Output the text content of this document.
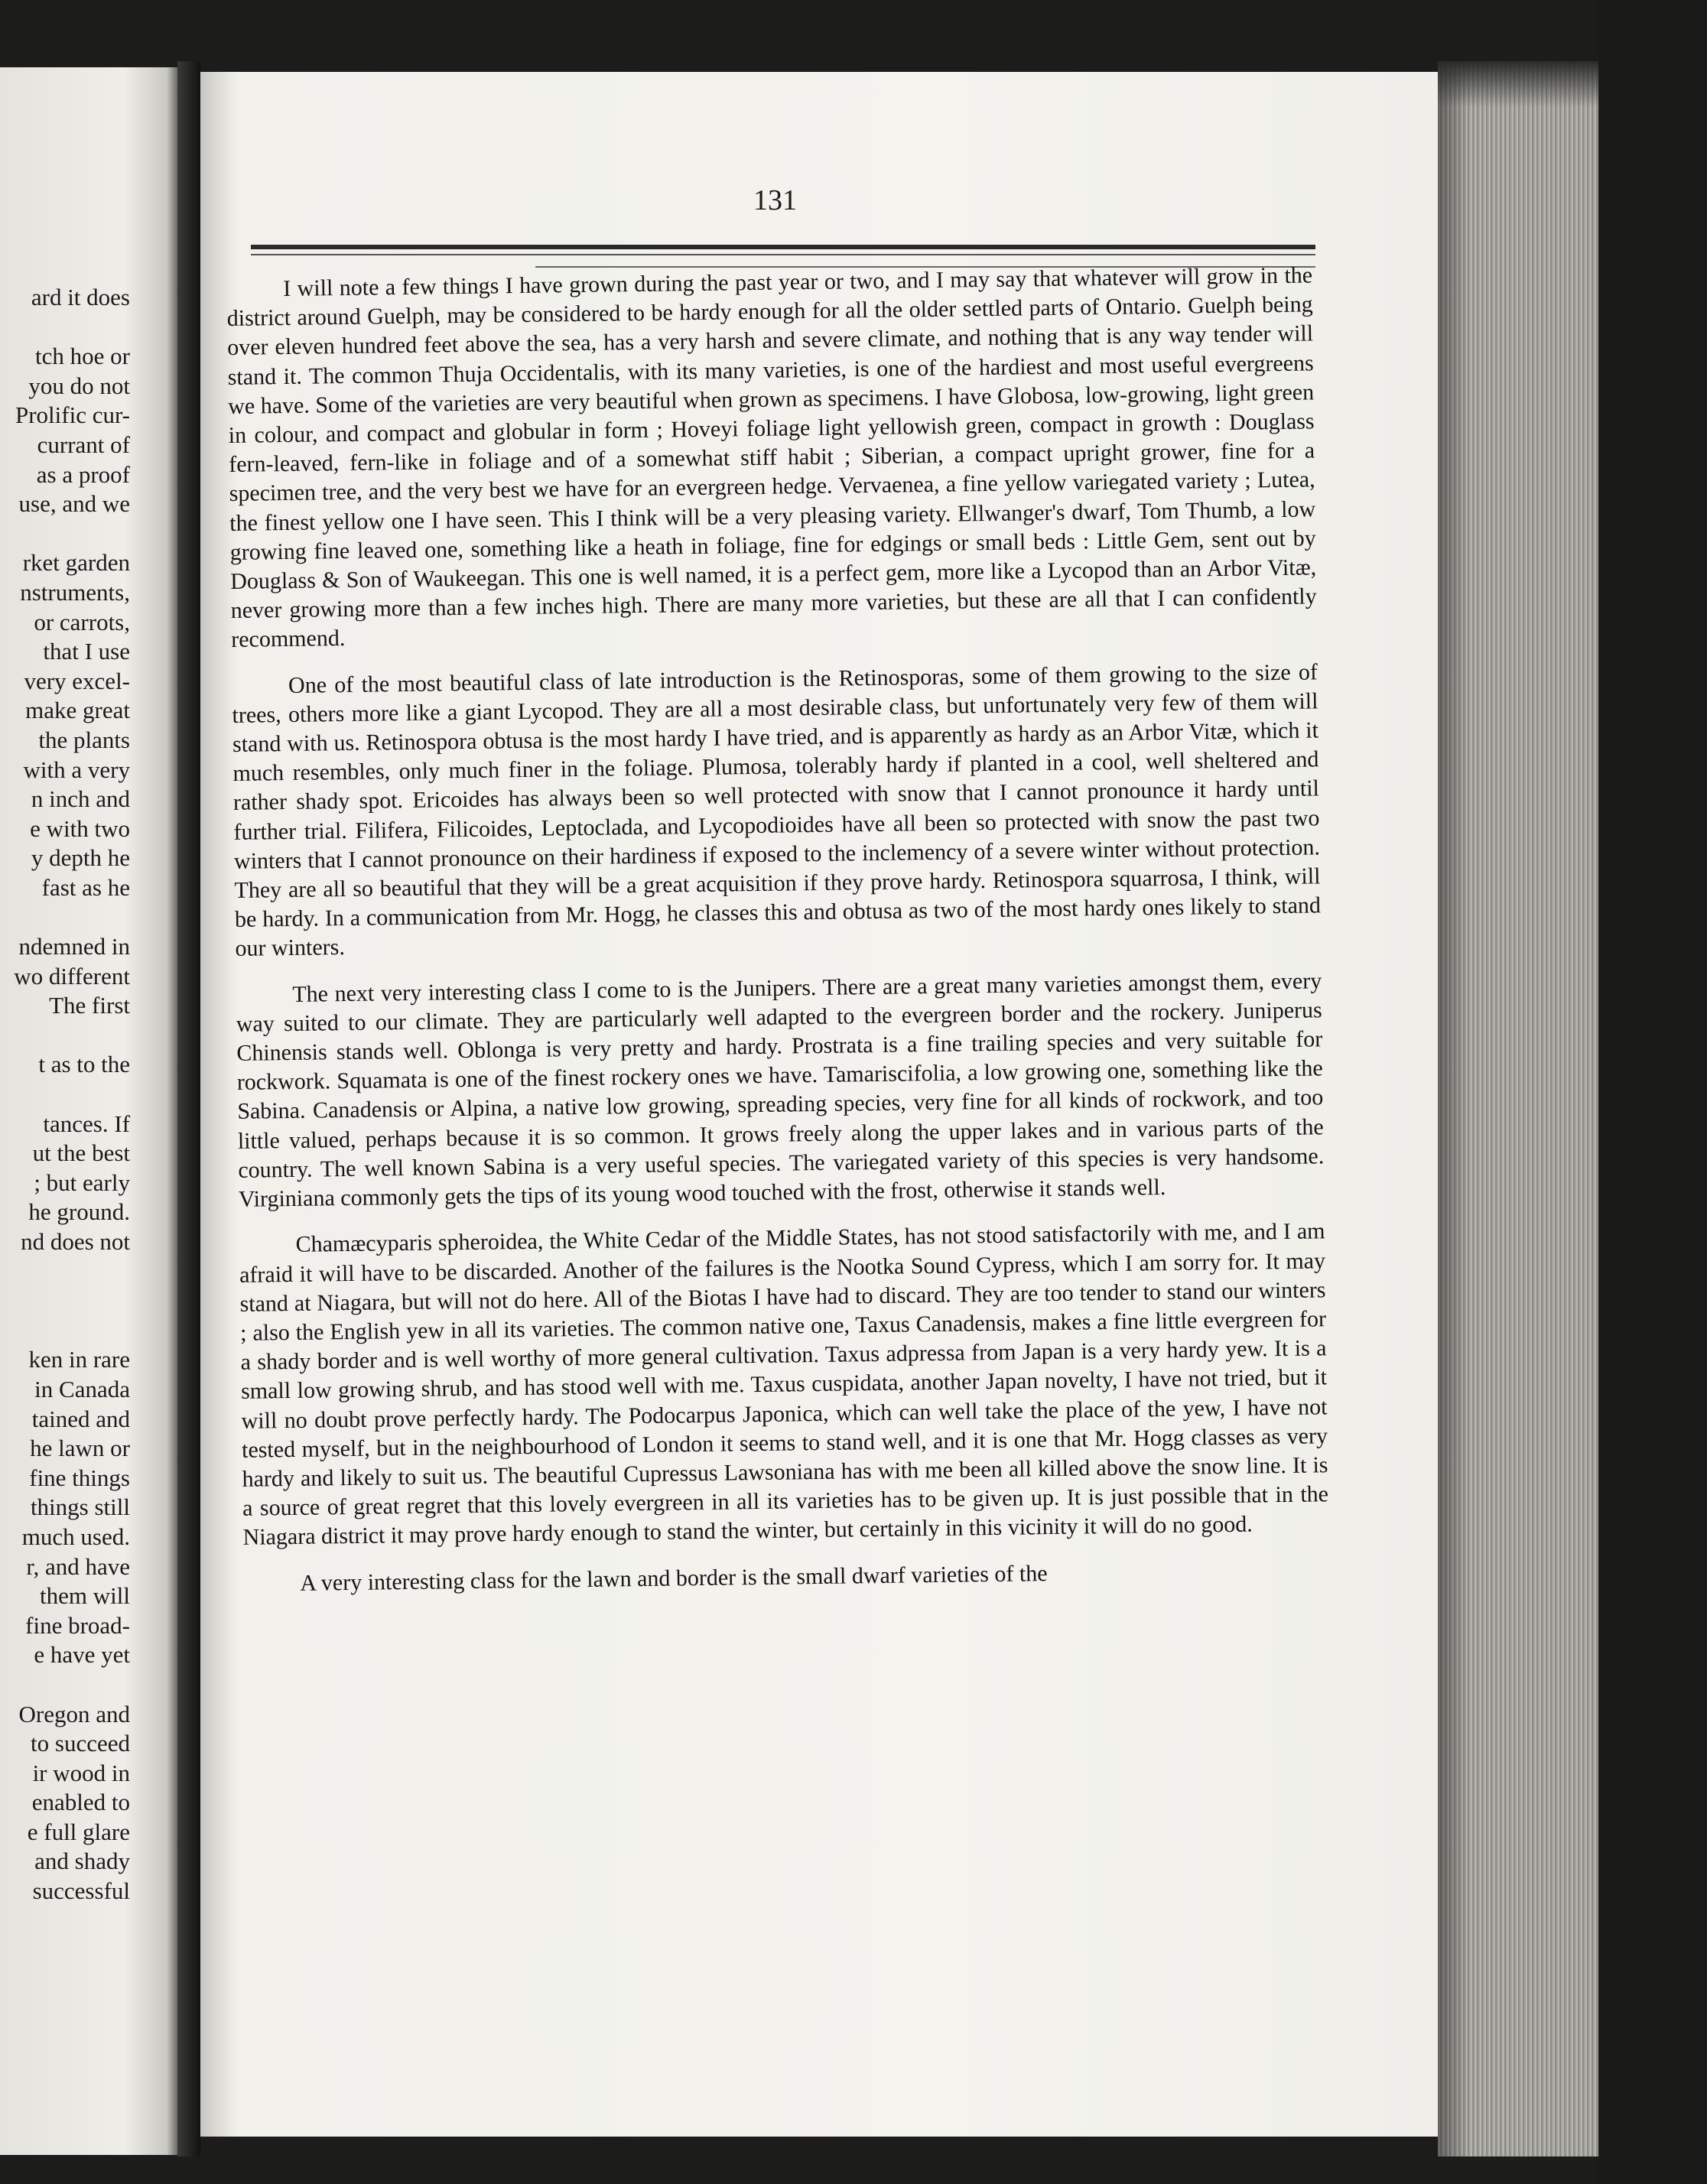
ard it does

tch hoe or
you do not
Prolific cur-
currant of
as a proof
use, and we

rket garden
nstruments,
or carrots,
that I use
very excel-
make great
the plants
with a very
n inch and
e with two
y depth he
fast as he

ndemned in
wo different
The first

t as to the

tances. If
ut the best
; but early
he ground.
nd does not

ken in rare
in Canada
tained and
he lawn or
fine things
things still
much used.
r, and have
them will
fine broad-
e have yet

Oregon and
to succeed
ir wood in
enabled to
e full glare
and shady
successful
131

I will note a few things I have grown during the past year or two, and I may say that whatever will grow in the district around Guelph, may be considered to be hardy enough for all the older settled parts of Ontario. Guelph being over eleven hundred feet above the sea, has a very harsh and severe climate, and nothing that is any way tender will stand it. The common Thuja Occidentalis, with its many varieties, is one of the hardiest and most useful evergreens we have. Some of the varieties are very beautiful when grown as specimens. I have Globosa, low-growing, light green in colour, and compact and globular in form ; Hoveyi foliage light yellowish green, compact in growth : Douglass fern-leaved, fern-like in foliage and of a somewhat stiff habit ; Siberian, a compact upright grower, fine for a specimen tree, and the very best we have for an evergreen hedge. Vervaenea, a fine yellow variegated variety ; Lutea, the finest yellow one I have seen. This I think will be a very pleasing variety. Ellwanger's dwarf, Tom Thumb, a low growing fine leaved one, something like a heath in foliage, fine for edgings or small beds : Little Gem, sent out by Douglass & Son of Waukeegan. This one is well named, it is a perfect gem, more like a Lycopod than an Arbor Vitæ, never growing more than a few inches high. There are many more varieties, but these are all that I can confidently recommend.

One of the most beautiful class of late introduction is the Retinosporas, some of them growing to the size of trees, others more like a giant Lycopod. They are all a most desirable class, but unfortunately very few of them will stand with us. Retinospora obtusa is the most hardy I have tried, and is apparently as hardy as an Arbor Vitæ, which it much resembles, only much finer in the foliage. Plumosa, tolerably hardy if planted in a cool, well sheltered and rather shady spot. Ericoides has always been so well protected with snow that I cannot pronounce it hardy until further trial. Filifera, Filicoides, Leptoclada, and Lycopodioides have all been so protected with snow the past two winters that I cannot pronounce on their hardiness if exposed to the inclemency of a severe winter without protection. They are all so beautiful that they will be a great acquisition if they prove hardy. Retinospora squarrosa, I think, will be hardy. In a communication from Mr. Hogg, he classes this and obtusa as two of the most hardy ones likely to stand our winters.

The next very interesting class I come to is the Junipers. There are a great many varieties amongst them, every way suited to our climate. They are particularly well adapted to the evergreen border and the rockery. Juniperus Chinensis stands well. Oblonga is very pretty and hardy. Prostrata is a fine trailing species and very suitable for rockwork. Squamata is one of the finest rockery ones we have. Tamariscifolia, a low growing one, something like the Sabina. Canadensis or Alpina, a native low growing, spreading species, very fine for all kinds of rockwork, and too little valued, perhaps because it is so common. It grows freely along the upper lakes and in various parts of the country. The well known Sabina is a very useful species. The variegated variety of this species is very handsome. Virginiana commonly gets the tips of its young wood touched with the frost, otherwise it stands well.

Chamæcyparis spheroidea, the White Cedar of the Middle States, has not stood satisfactorily with me, and I am afraid it will have to be discarded. Another of the failures is the Nootka Sound Cypress, which I am sorry for. It may stand at Niagara, but will not do here. All of the Biotas I have had to discard. They are too tender to stand our winters ; also the English yew in all its varieties. The common native one, Taxus Canadensis, makes a fine little evergreen for a shady border and is well worthy of more general cultivation. Taxus adpressa from Japan is a very hardy yew. It is a small low growing shrub, and has stood well with me. Taxus cuspidata, another Japan novelty, I have not tried, but it will no doubt prove perfectly hardy. The Podocarpus Japonica, which can well take the place of the yew, I have not tested myself, but in the neighbourhood of London it seems to stand well, and it is one that Mr. Hogg classes as very hardy and likely to suit us. The beautiful Cupressus Lawsoniana has with me been all killed above the snow line. It is a source of great regret that this lovely evergreen in all its varieties has to be given up. It is just possible that in the Niagara district it may prove hardy enough to stand the winter, but certainly in this vicinity it will do no good.

A very interesting class for the lawn and border is the small dwarf varieties of the
